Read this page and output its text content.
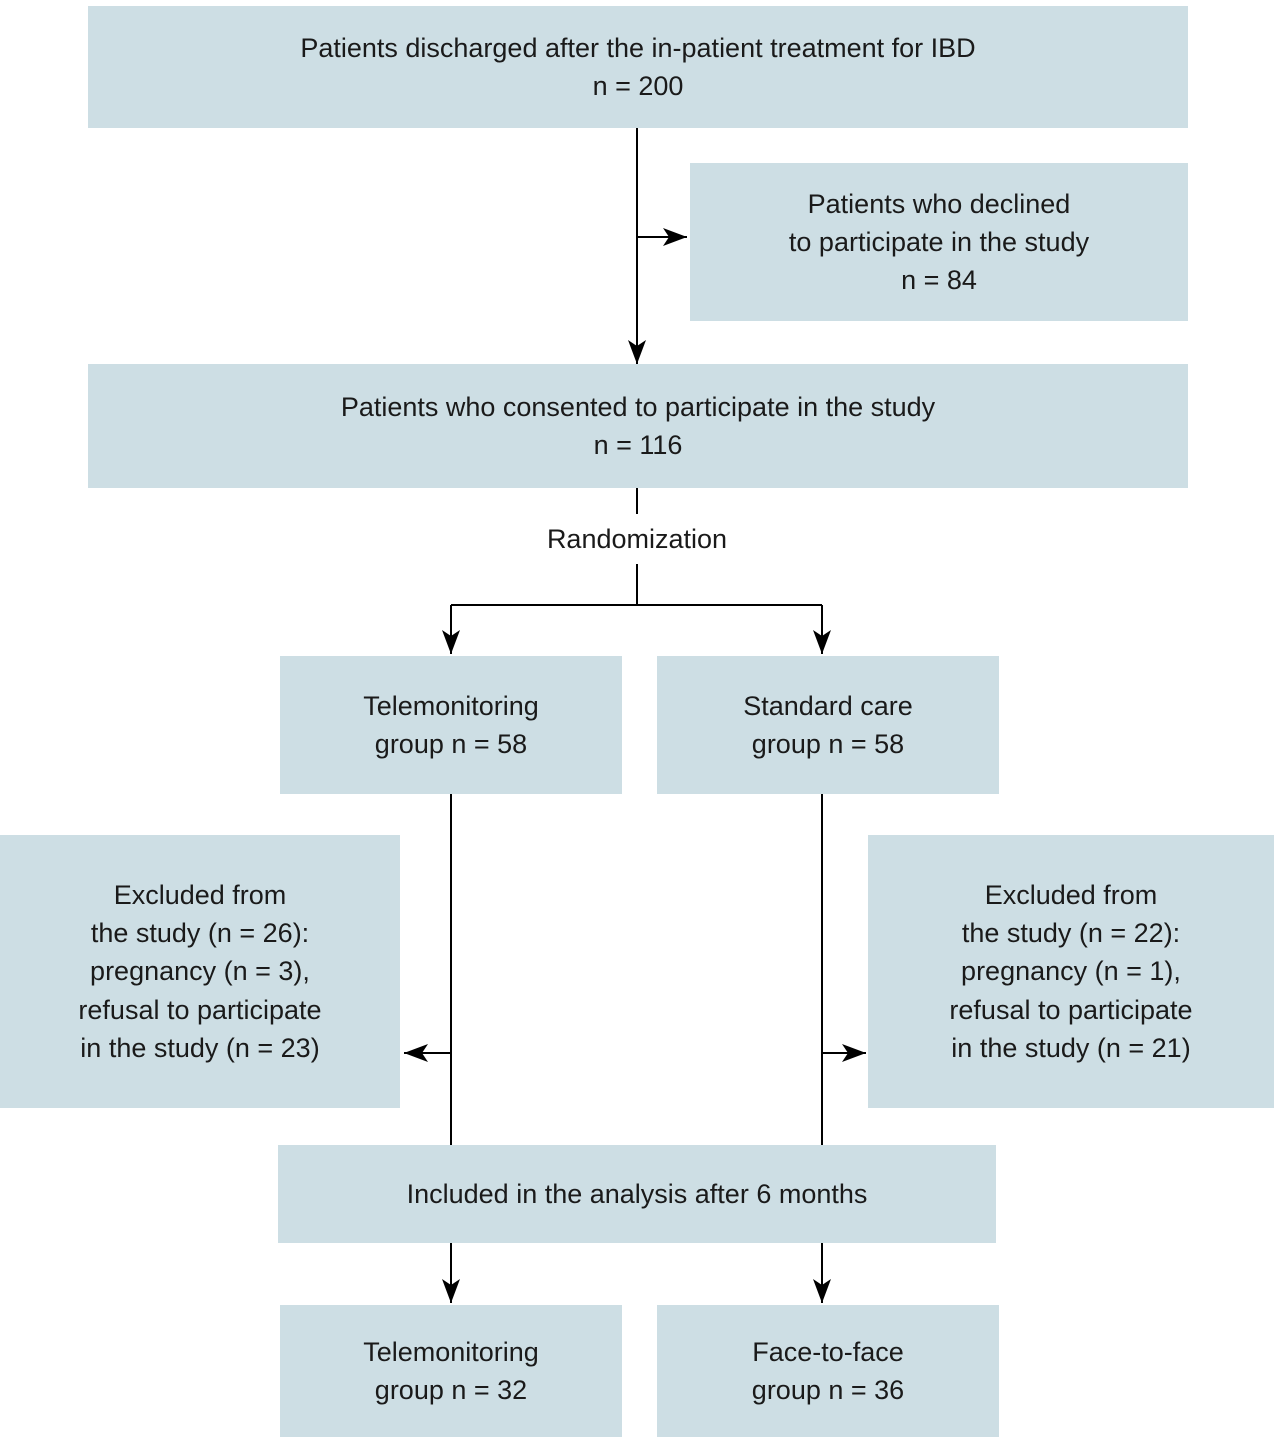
Patients discharged after the in-patient treatment for IBD
n = 200
Patients who declined
to participate in the study
n = 84
Patients who consented to participate in the study
n = 116
Randomization
Telemonitoring
group n = 58
Standard care
group n = 58
Excluded from
the study (n = 26):
pregnancy (n = 3),
refusal to participate
in the study (n = 23)
Excluded from
the study (n = 22):
pregnancy (n = 1),
refusal to participate
in the study (n = 21)
Included in the analysis after 6 months
Telemonitoring
group n = 32
Face-to-face
group n = 36
